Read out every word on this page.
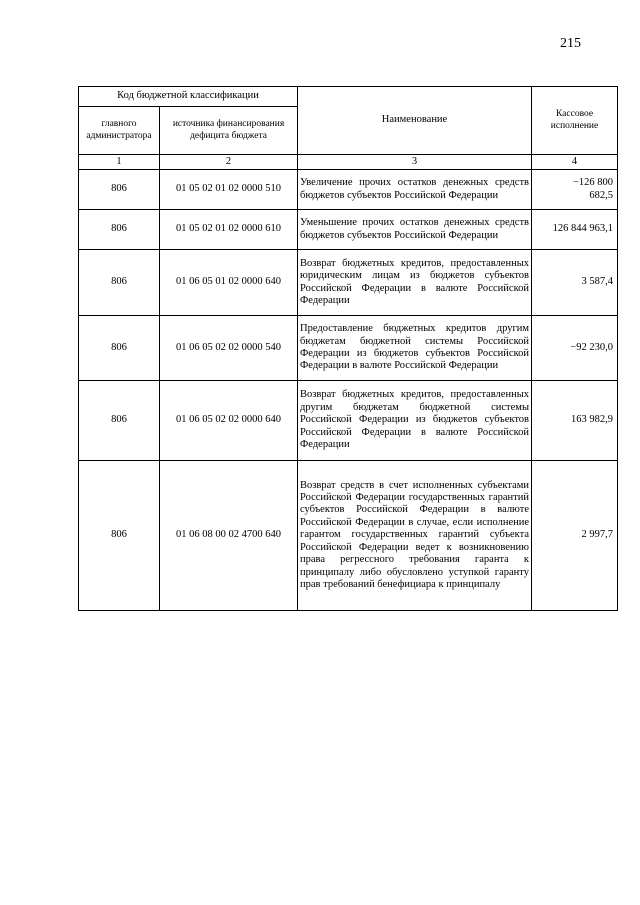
215
Код бюджетной классификации		Наименование	Кассовое исполнение
главного администратора	источника финансирования дефицита бюджета		
1	2	3	4
806	01 05 02 01 02 0000 510	Увеличение прочих остатков денежных средств бюджетов субъектов Российской Федерации	−126 800 682,5
806	01 05 02 01 02 0000 610	Уменьшение прочих остатков денежных средств бюджетов субъектов Российской Федерации	126 844 963,1
806	01 06 05 01 02 0000 640	Возврат бюджетных кредитов, предоставленных юридическим лицам из бюджетов субъектов Российской Федерации в валюте Российской Федерации	3 587,4
806	01 06 05 02 02 0000 540	Предоставление бюджетных кредитов другим бюджетам бюджетной системы Российской Федерации из бюджетов субъектов Российской Федерации в валюте Российской Федерации	−92 230,0
806	01 06 05 02 02 0000 640	Возврат бюджетных кредитов, предоставленных другим бюджетам бюджетной системы Российской Федерации из бюджетов субъектов Российской Федерации в валюте Российской Федерации	163 982,9
806	01 06 08 00 02 4700 640	Возврат средств в счет исполненных субъектами Российской Федерации государственных гарантий субъектов Российской Федерации в валюте Российской Федерации в случае, если исполнение гарантом государственных гарантий субъекта Российской Федерации ведет к возникновению права регрессного требования гаранта к принципалу либо обусловлено уступкой гаранту прав требований бенефициара к принципалу	2 997,7
